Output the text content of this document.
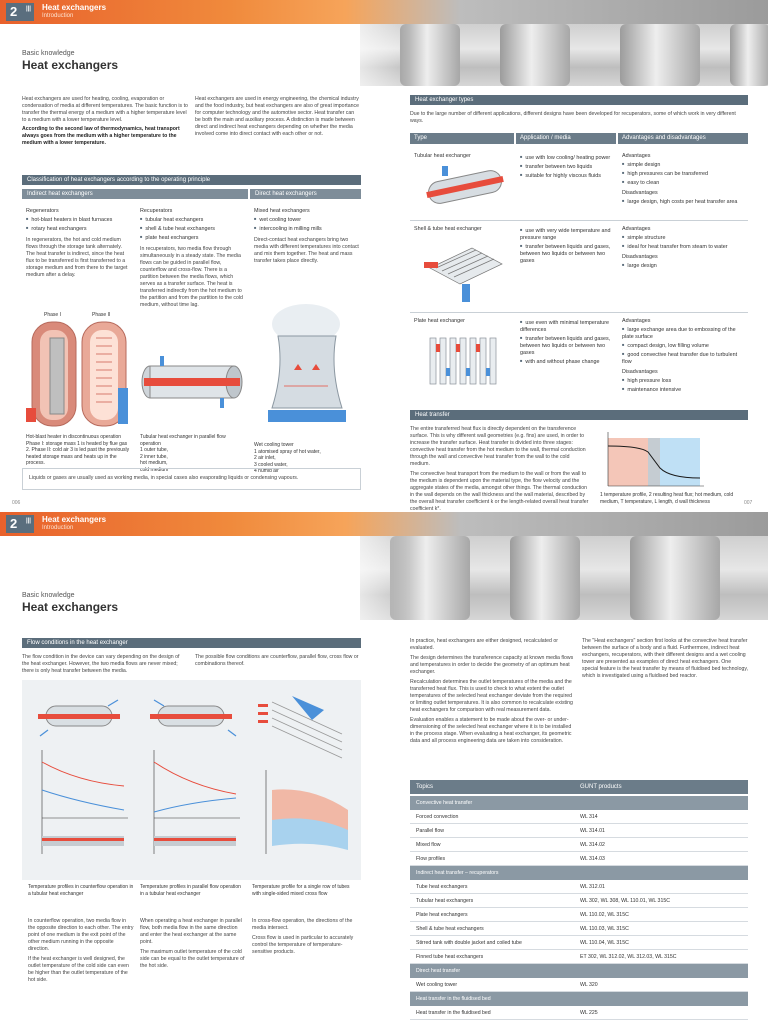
2 ||| Heat exchangers
Introduction
Basic knowledge
Heat exchangers
Heat exchangers are used for heating, cooling, evaporation or condensation of media at different temperatures. The basic function is to transfer the thermal energy of a medium with a higher temperature level to a medium with a lower temperature level.
According to the second law of thermodynamics, heat transport always goes from the medium with a higher temperature to the medium with a lower temperature.
Heat exchangers are used in energy engineering, the chemical industry and the food industry, but heat exchangers are also of great importance for computer technology and the automotive sector. Heat transfer can be both the main and auxiliary process. A distinction is made between direct and indirect heat exchangers depending on whether the media involved come into direct contact with each other or not.
Classification of heat exchangers according to the operating principle
Indirect heat exchangers	Direct heat exchangers
Regenerators
■ hot-blast heaters in blast furnaces
■ rotary heat exchangers
In regenerators, the hot and cold medium flows through the storage tank alternately. The heat transfer is indirect, since the heat flux to be transferred is first transferred to a storage medium and from there to the target medium after a delay.
Phase I	Phase II
Hot-blast heater in discontinuous operation
Phase I: storage mass 1 is heated by flue gas 2. Phase II: cold air 3 is led past the previously heated storage mass and heats up in the process.
Recuperators
■ tubular heat exchangers
■ shell & tube heat exchangers
■ plate heat exchangers
In recuperators, two media flow through simultaneously in a steady state. The media flows can be guided in parallel flow, counterflow and cross-flow. There is a partition between the media flows, which serves as a transfer surface. The heat is transferred indirectly from the hot medium to the partition and from the partition to the cold medium, without time lag.
Tubular heat exchanger in parallel flow operation
1 outer tube,
2 inner tube,
hot medium,
cold medium
Mixed heat exchangers
■ wet cooling tower
■ intercooling in milling mills
Direct-contact heat exchangers bring two media with different temperatures into contact and mix them together. The heat and mass transfer takes place directly.
Wet cooling tower
1 atomised spray of hot water,
2 air inlet,
3 cooled water,
4 humid air
Liquids or gases are usually used as working media, in special cases also evaporating liquids or condensing vapours.
Heat exchanger types
Due to the large number of different applications, different designs have been developed for recuperators, some of which work in very different ways.
Type	Application / media	Advantages and disadvantages
Tubular heat exchanger	■ use with low cooling/ heating power
■ transfer between two liquids
■ suitable for highly viscous fluids
Advantages
■ simple design
■ high pressures can be transferred
■ easy to clean
Disadvantages
■ large design, high costs per heat transfer area
Shell & tube heat exchanger	■ use with very wide temperature and pressure range
■ transfer between liquids and gases, between two liquids or between two gases
Advantages
■ simple structure
■ ideal for heat transfer from steam to water
Disadvantages
■ large design
Plate heat exchanger	■ use even with minimal temperature differences
■ transfer between liquids and gases, between two liquids or between two gases
■ with and without phase change
Advantages
■ large exchange area due to embossing of the plate surface
■ compact design, low filling volume
■ good convective heat transfer due to turbulent flow
Disadvantages
■ high pressure loss
■ maintenance intensive
Heat transfer
The entire transferred heat flux is directly dependent on the transference surface. This is why different wall geometries (e.g. fins) are used, in order to increase the transfer surface. Heat transfer is divided into three stages: convective heat transfer from the hot medium to the wall, thermal conduction through the wall and convective heat transfer from the wall to the cold medium.
The convective heat transport from the medium to the wall or from the wall to the medium is dependent upon the material type, the flow velocity and the aggregate states of the media, amongst other things. The thermal conduction in the wall depends on the wall thickness and the wall material, described by the overall heat transfer coefficient k or the length-related overall heat transfer coefficient k*.
1 temperature profile, 2 resulting heat flux; hot medium, cold medium, T temperature, L length, d wall thickness
006	007
2 ||| Heat exchangers
Introduction
Basic knowledge
Heat exchangers
Flow conditions in the heat exchanger
The flow condition in the device can vary depending on the design of the heat exchanger. However, the two media flows are never mixed; there is only heat transfer between the media.
The possible flow conditions are counterflow, parallel flow, cross flow or combinations thereof.
Temperature profiles in counterflow operation in a tubular heat exchanger
Temperature profiles in parallel flow operation in a tubular heat exchanger
Temperature profile for a single row of tubes with single-sided mixed cross flow
In counterflow operation, two media flow in the opposite direction to each other. The entry point of one medium is the exit point of the other medium running in the opposite direction.
If the heat exchanger is well designed, the outlet temperature of the cold side can even be higher than the outlet temperature of the hot side.
When operating a heat exchanger in parallel flow, both media flow in the same direction and enter the heat exchanger at the same point.
The maximum outlet temperature of the cold side can be equal to the outlet temperature of the hot side.
In cross-flow operation, the directions of the media intersect.
Cross flow is used in particular to accurately control the temperature of temperature-sensitive products.
In practice, heat exchangers are either designed, recalculated or evaluated.
The design determines the transference capacity at known media flows and temperatures in order to decide the geometry of an optimum heat exchanger.
Recalculation determines the outlet temperatures of the media and the transferred heat flux. This is used to check to what extent the outlet temperatures of the selected heat exchanger deviate from the required or limiting outlet temperatures. It is also common to recalculate existing heat exchangers for comparison with real measurement data.
Evaluation enables a statement to be made about the over- or under-dimensioning of the selected heat exchanger where it is to be installed in the process stage. When evaluating a heat exchanger, its geometric data and all process engineering data are taken into consideration.
The "Heat exchangers" section first looks at the convective heat transfer between the surface of a body and a fluid. Furthermore, indirect heat exchangers, recuperators, with their different designs and a wet cooling tower are presented as examples of direct heat exchangers. One special feature is the heat transfer by means of fluidised bed technology, which is investigated using a fluidised bed reactor.
Topics	GUNT products
Convective heat transfer
Forced convection	WL 314
Parallel flow	WL 314.01
Mixed flow	WL 314.02
Flow profiles	WL 314.03
Indirect heat transfer – recuperators
Tube heat exchangers	WL 312.01
Tubular heat exchangers	WL 302, WL 308, WL 110.01, WL 315C
Plate heat exchangers	WL 110.02, WL 315C
Shell & tube heat exchangers	WL 110.03, WL 315C
Stirred tank with double jacket and coiled tube	WL 110.04, WL 315C
Finned tube heat exchangers	ET 302, WL 312.02, WL 312.03, WL 315C
Direct heat transfer
Wet cooling tower	WL 320
Heat transfer in the fluidised bed
Heat transfer in the fluidised bed	WL 225
